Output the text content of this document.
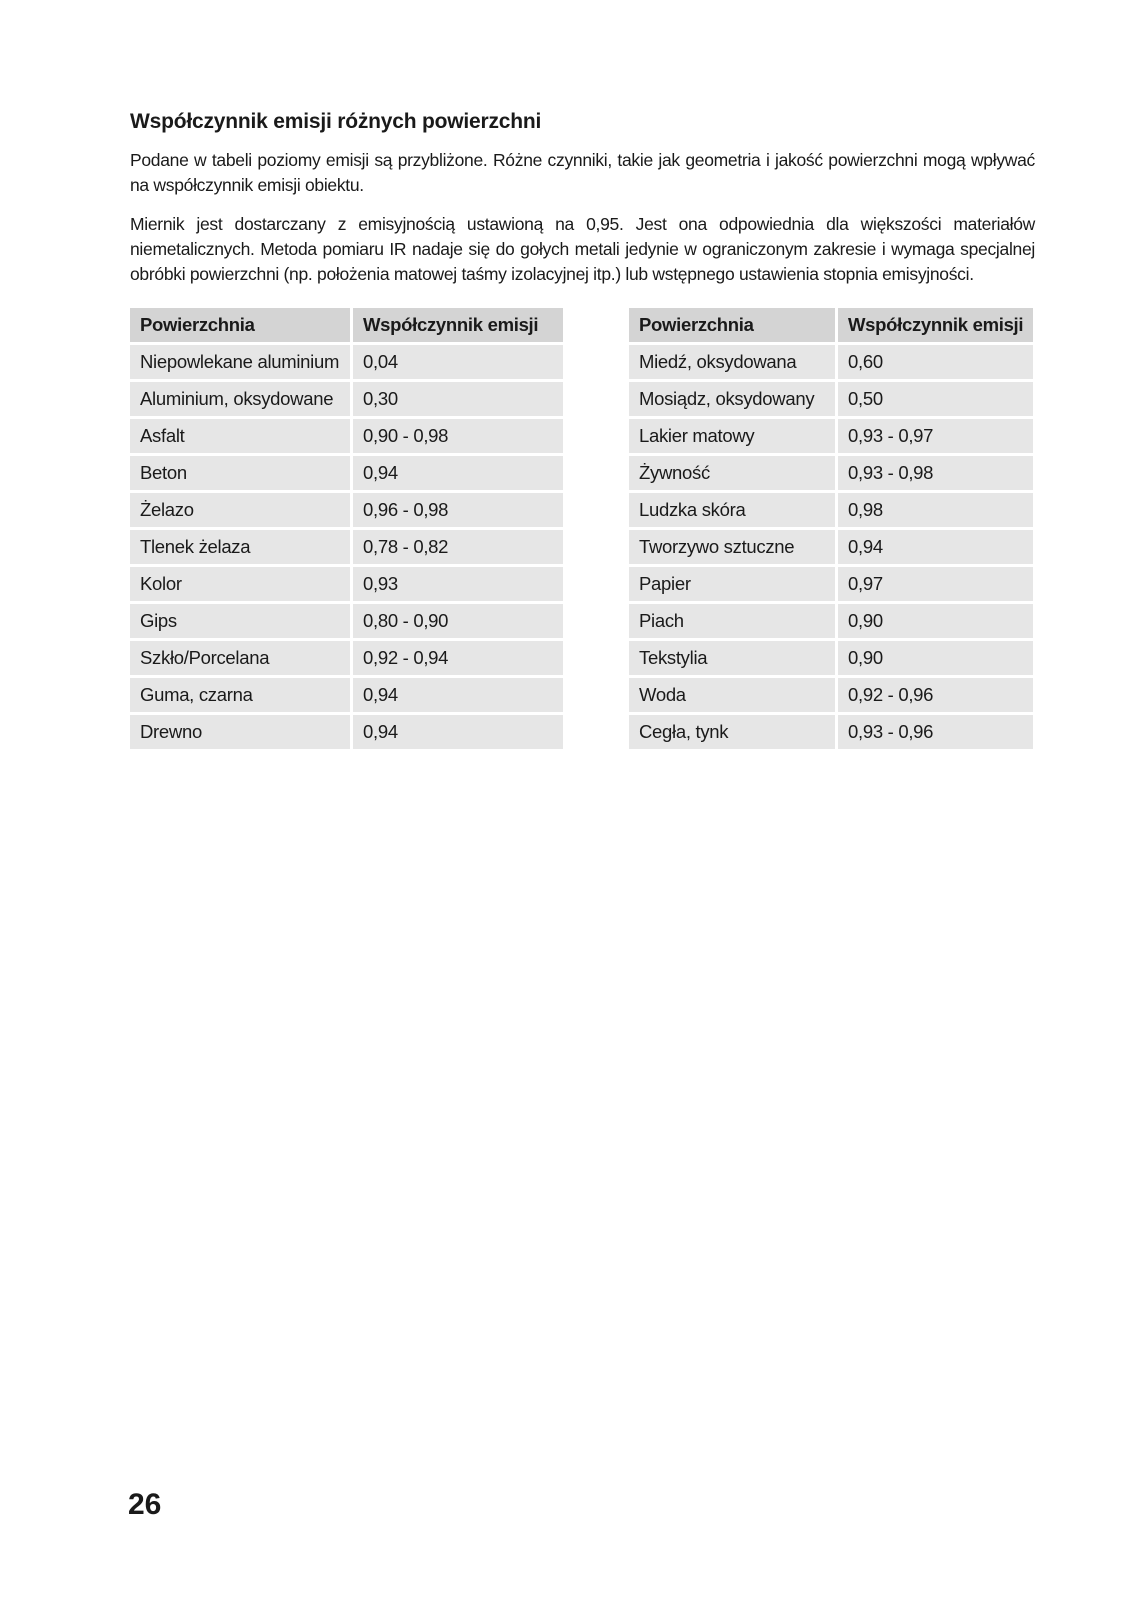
Współczynnik emisji różnych powierzchni
Podane w tabeli poziomy emisji są przybliżone. Różne czynniki, takie jak geometria i jakość powierzchni mogą wpływać na współczynnik emisji obiektu.
Miernik jest dostarczany z emisyjnością ustawioną na 0,95. Jest ona odpowiednia dla większości materiałów niemetalicznych. Metoda pomiaru IR nadaje się do gołych metali jedynie w ograniczonym zakresie i wymaga specjalnej obróbki powierzchni (np. położenia matowej taśmy izolacyjnej itp.) lub wstępnego ustawienia stopnia emisyjności.
Powierzchnia	Współczynnik emisji
Niepowlekane aluminium	0,04
Aluminium, oksydowane	0,30
Asfalt	0,90 - 0,98
Beton	0,94
Żelazo	0,96 - 0,98
Tlenek żelaza	0,78 - 0,82
Kolor	0,93
Gips	0,80 - 0,90
Szkło/Porcelana	0,92 - 0,94
Guma, czarna	0,94
Drewno	0,94
Powierzchnia	Współczynnik emisji
Miedź, oksydowana	0,60
Mosiądz, oksydowany	0,50
Lakier matowy	0,93 - 0,97
Żywność	0,93 - 0,98
Ludzka skóra	0,98
Tworzywo sztuczne	0,94
Papier	0,97
Piach	0,90
Tekstylia	0,90
Woda	0,92 - 0,96
Cegła, tynk	0,93 - 0,96
26
